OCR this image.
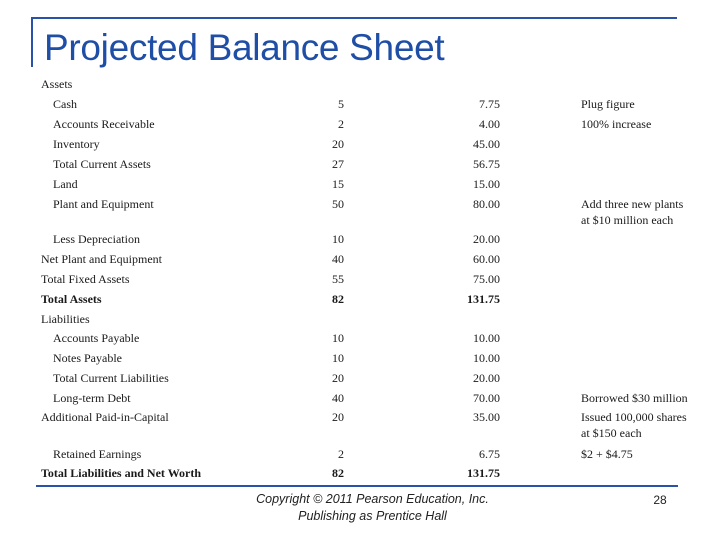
Projected Balance Sheet
Assets
Cash	5	7.75	Plug figure
Accounts Receivable	2	4.00	100% increase
Inventory	20	45.00
Total Current Assets	27	56.75
Land	15	15.00
Plant and Equipment	50	80.00	Add three new plants
at $10 million each
Less Depreciation	10	20.00
Net Plant and Equipment	40	60.00
Total Fixed Assets	55	75.00
Total Assets	82	131.75
Liabilities
Accounts Payable	10	10.00
Notes Payable	10	10.00
Total Current Liabilities	20	20.00
Long-term Debt	40	70.00	Borrowed $30 million
Additional Paid-in-Capital	20	35.00	Issued 100,000 shares
at $150 each
Retained Earnings	2	6.75	$2 + $4.75
Total Liabilities and Net Worth	82	131.75
Copyright © 2011 Pearson Education, Inc.
Publishing as Prentice Hall
28
